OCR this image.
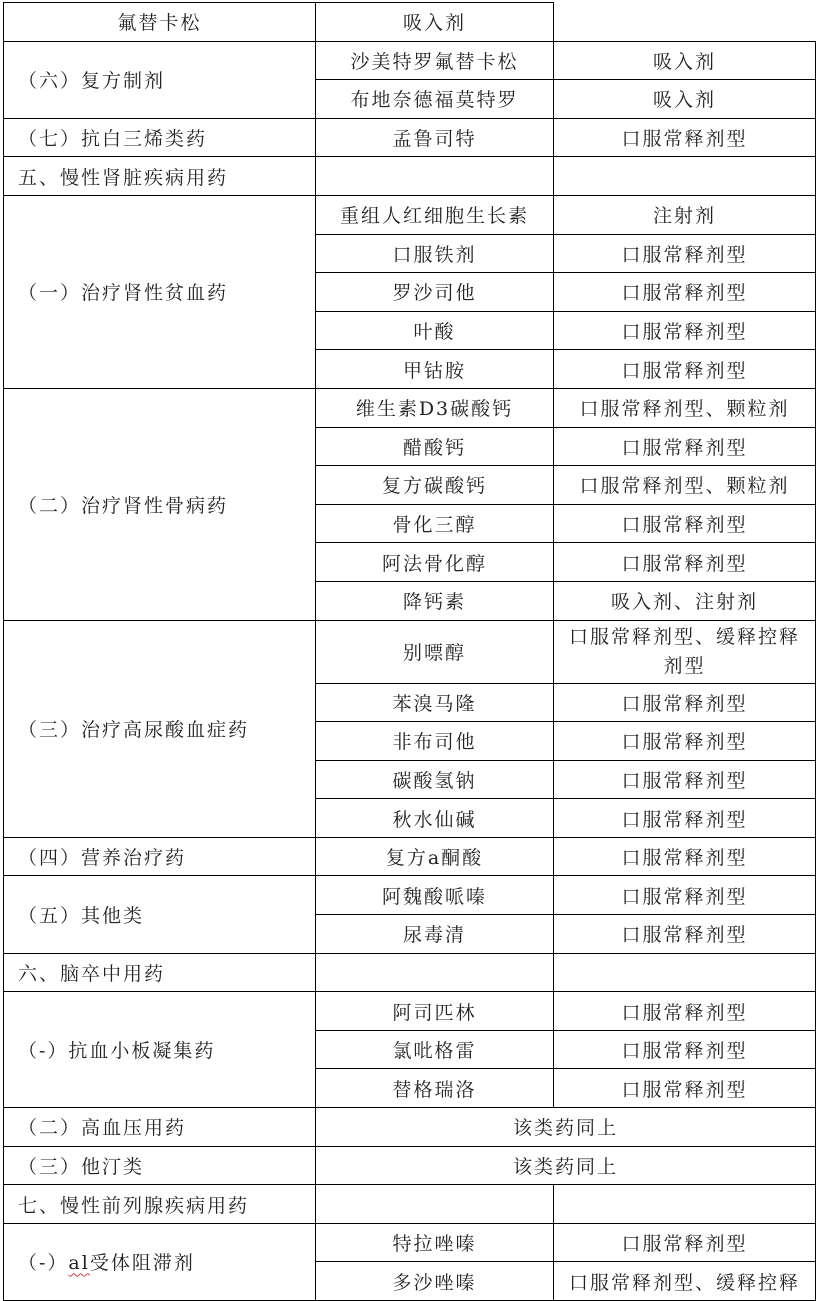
氟替卡松	吸入剂	
（六）复方制剂	沙美特罗氟替卡松	吸入剂
	布地奈德福莫特罗	吸入剂
（七）抗白三烯类药	孟鲁司特	口服常释剂型
五、慢性肾脏疾病用药		
（一）治疗肾性贫血药	重组人红细胞生长素	注射剂
	口服铁剂	口服常释剂型
	罗沙司他	口服常释剂型
	叶酸	口服常释剂型
	甲钴胺	口服常释剂型
（二）治疗肾性骨病药	维生素D3碳酸钙	口服常释剂型、颗粒剂
	醋酸钙	口服常释剂型
	复方碳酸钙	口服常释剂型、颗粒剂
	骨化三醇	口服常释剂型
	阿法骨化醇	口服常释剂型
	降钙素	吸入剂、注射剂
（三）治疗高尿酸血症药	别嘌醇	口服常释剂型、缓释控释剂型
	苯溴马隆	口服常释剂型
	非布司他	口服常释剂型
	碳酸氢钠	口服常释剂型
	秋水仙碱	口服常释剂型
（四）营养治疗药	复方a酮酸	口服常释剂型
（五）其他类	阿魏酸哌嗪	口服常释剂型
	尿毒清	口服常释剂型
六、脑卒中用药		
（-）抗血小板凝集药	阿司匹林	口服常释剂型
	氯吡格雷	口服常释剂型
	替格瑞洛	口服常释剂型
（二）高血压用药	该类药同上	
（三）他汀类	该类药同上	
七、慢性前列腺疾病用药		
（-）al受体阻滞剂	特拉唑嗪	口服常释剂型
	多沙唑嗪	口服常释剂型、缓释控释
